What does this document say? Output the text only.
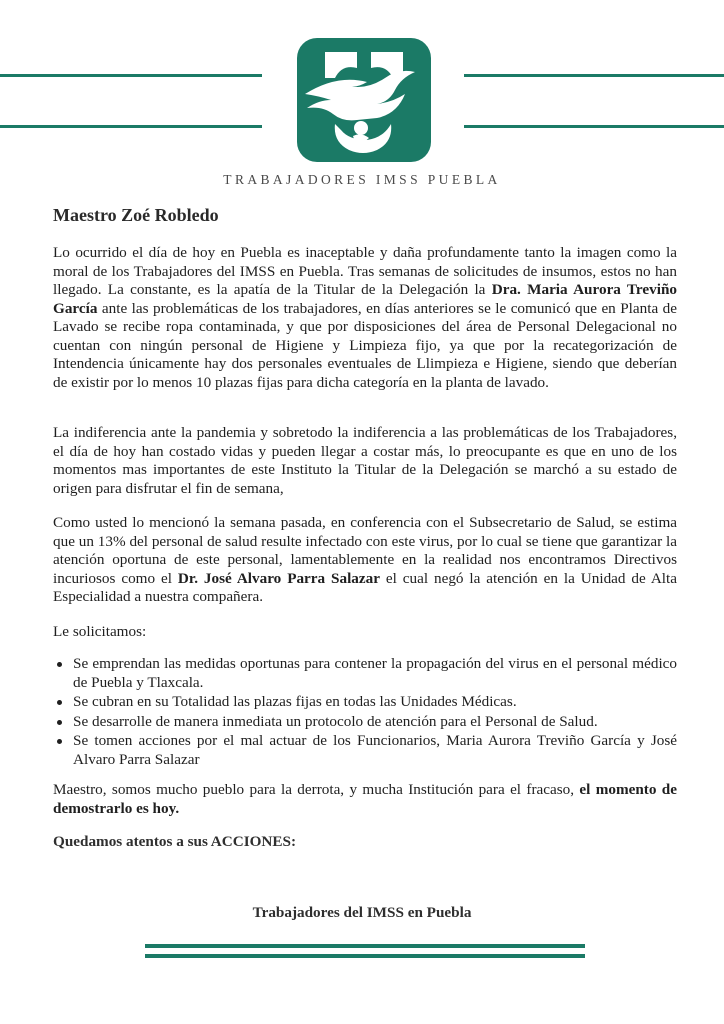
TRABAJADORES IMSS PUEBLA
Maestro Zoé Robledo
Lo ocurrido el día de hoy en Puebla es inaceptable y daña profundamente tanto la imagen como la moral de los Trabajadores del IMSS en Puebla. Tras semanas de solicitudes de insumos, estos no han llegado. La constante, es la apatía de la Titular de la Delegación la Dra. Maria Aurora Treviño García ante las problemáticas de los trabajadores, en días anteriores se le comunicó que en Planta de Lavado se recibe ropa contaminada, y que por disposiciones del área de Personal Delegacional no cuentan con ningún personal de Higiene y Limpieza fijo, ya que por la recategorización de Intendencia únicamente hay dos personales eventuales de Llimpieza e Higiene, siendo que deberían de existir por lo menos 10 plazas fijas para dicha categoría en la planta de lavado.
La indiferencia ante la pandemia y sobretodo la indiferencia a las problemáticas de los Trabajadores, el día de hoy han costado vidas y pueden llegar a costar más, lo preocupante es que en uno de los momentos mas importantes de este Instituto la Titular de la Delegación se marchó a su estado de origen para disfrutar el fin de semana,
Como usted lo mencionó la semana pasada, en conferencia con el Subsecretario de Salud, se estima que un 13% del personal de salud resulte infectado con este virus, por lo cual se tiene que garantizar la atención oportuna de este personal, lamentablemente en la realidad nos encontramos Directivos incuriosos como el Dr. José Alvaro Parra Salazar el cual negó la atención en la Unidad de Alta Especialidad a nuestra compañera.
Le solicitamos:
Se emprendan las medidas oportunas para contener la propagación del virus en el personal médico de Puebla y Tlaxcala.
Se cubran en su Totalidad las plazas fijas en todas las Unidades Médicas.
Se desarrolle de manera inmediata un protocolo de atención para el Personal de Salud.
Se tomen acciones por el mal actuar de los Funcionarios, Maria Aurora Treviño García y José Alvaro Parra Salazar
Maestro, somos mucho pueblo para la derrota, y mucha Institución para el fracaso, el momento de demostrarlo es hoy.
Quedamos atentos a sus ACCIONES:
Trabajadores del IMSS en Puebla
